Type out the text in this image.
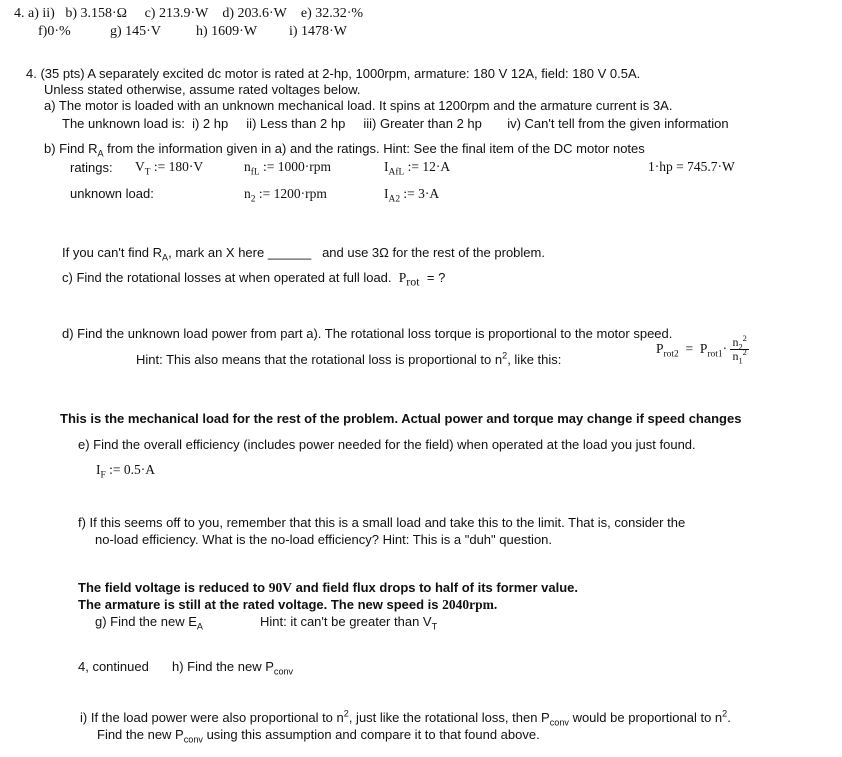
4. a) ii) b) 3.158·Ω c) 213.9·W d) 203.6·W e) 32.32·%
f)0·%	g) 145·V	h) 1609·W i) 1478·W
4. (35 pts) A separately excited dc motor is rated at 2-hp, 1000rpm, armature: 180 V 12A, field: 180 V 0.5A.
Unless stated otherwise, assume rated voltages below.
a) The motor is loaded with an unknown mechanical load. It spins at 1200rpm and the armature current is 3A.
The unknown load is: i) 2 hp ii) Less than 2 hp iii) Greater than 2 hp iv) Can't tell from the given information
b) Find $R_A$ from the information given in a) and the ratings. Hint: See the final item of the DC motor notes
ratings: $V_T$ := 180·V	$n_{fL}$ := 1000·rpm	$I_{AfL}$ := 12·A	1·hp = 745.7·W
unknown load:	$n_2$ := 1200·rpm	$I_{A2}$ := 3·A
If you can't find $R_A$, mark an X here ______ and use 3Ω for the rest of the problem.
c) Find the rotational losses at when operated at full load. $P_{rot}$ = ?
d) Find the unknown load power from part a). The rotational loss torque is proportional to the motor speed.
Hint: This also means that the rotational loss is proportional to $n^2$, like this:
$P_{rot2} = P_{rot1}\cdot \frac{n_2^2}{n_1^2}$
This is the mechanical load for the rest of the problem. Actual power and torque may change if speed changes
e) Find the overall efficiency (includes power needed for the field) when operated at the load you just found.
$I_F$ := 0.5·A
f) If this seems off to you, remember that this is a small load and take this to the limit. That is, consider the
no-load efficiency. What is the no-load efficiency? Hint: This is a "duh" question.
The field voltage is reduced to 90V and field flux drops to half of its former value.
The armature is still at the rated voltage. The new speed is 2040rpm.
g) Find the new $E_A$	Hint: it can't be greater than $V_T$
4, continued h) Find the new $P_{conv}$
i) If the load power were also proportional to $n^2$, just like the rotational loss, then $P_{conv}$ would be proportional to $n^2$.
Find the new $P_{conv}$ using this assumption and compare it to that found above.
